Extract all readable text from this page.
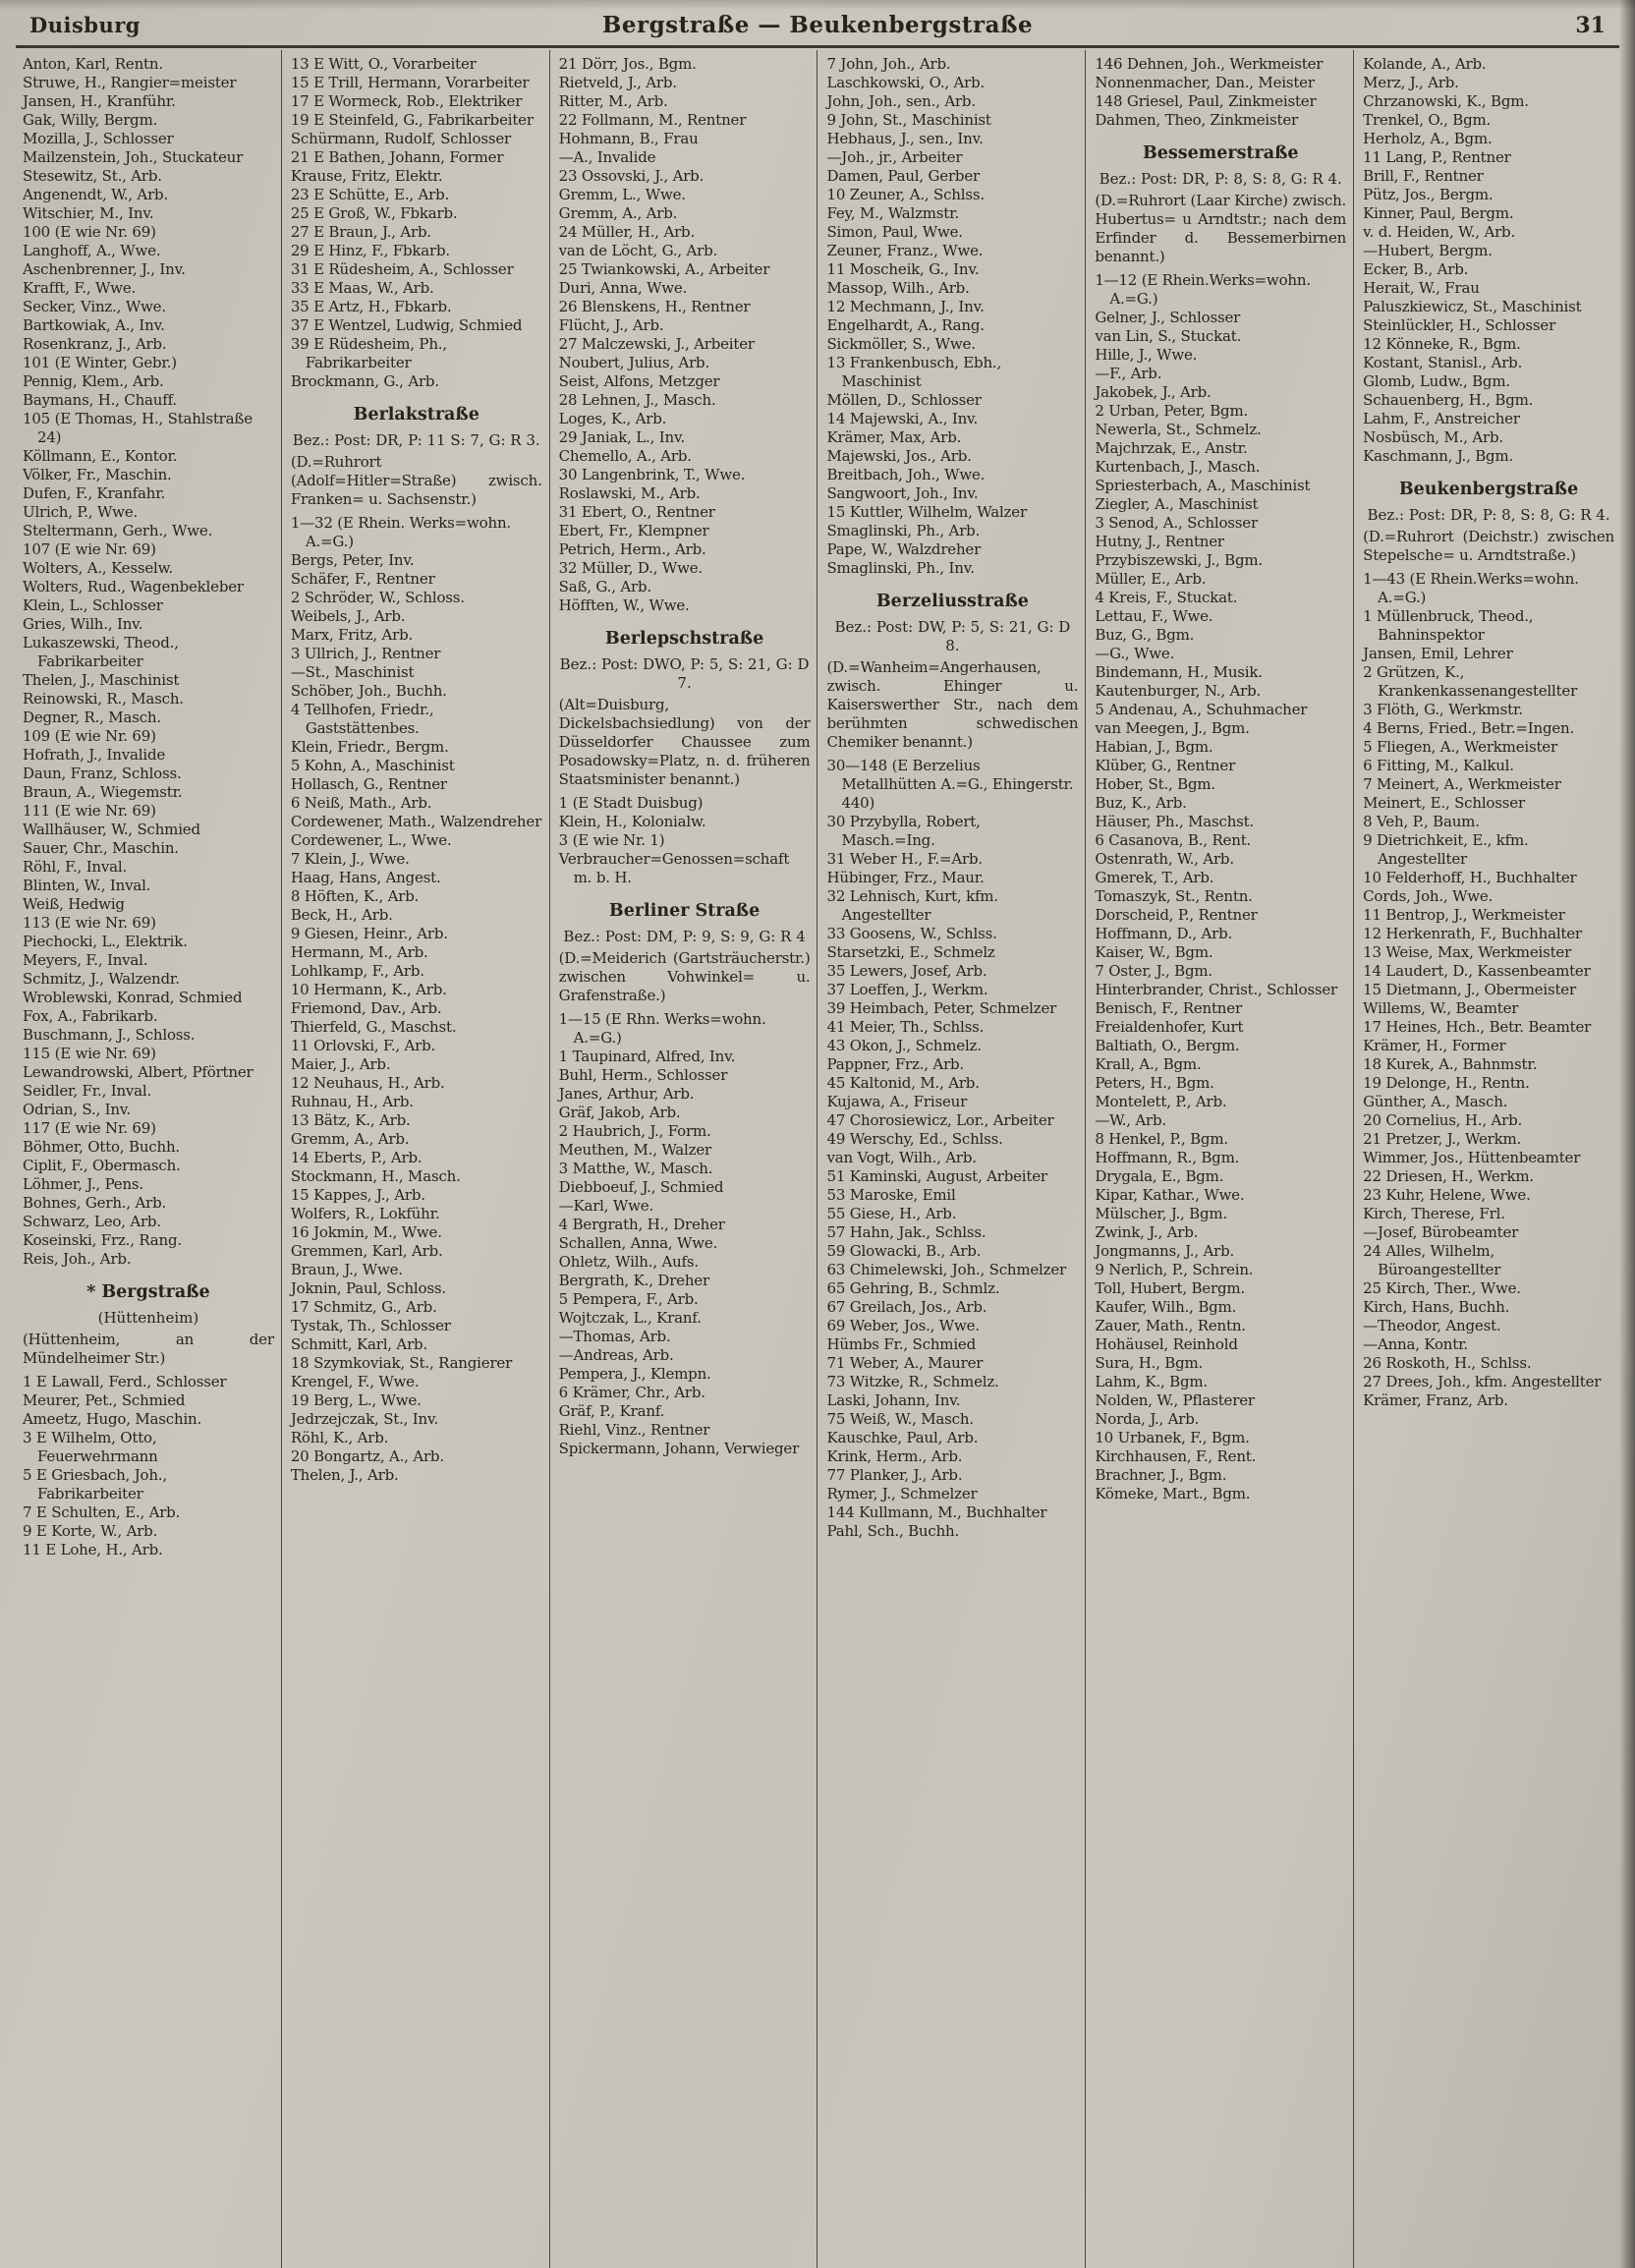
Duisburg	Bergstraße — Beukenbergstraße	31
Anton, Karl, Rentn.
Struwe, H., Rangier=meister
Jansen, H., Kranführ.
Gak, Willy, Bergm.
Mozilla, J., Schlosser
Mailzenstein, Joh., Stuckateur
Stesewitz, St., Arb.
Angenendt, W., Arb.
Witschier, M., Inv.
100 (E wie Nr. 69)
Langhoff, A., Wwe.
Aschenbrenner, J., Inv.
Krafft, F., Wwe.
Secker, Vinz., Wwe.
Bartkowiak, A., Inv.
Rosenkranz, J., Arb.
101 (E Winter, Gebr.)
Pennig, Klem., Arb.
Baymans, H., Chauff.
105 (E Thomas, H., Stahlstraße 24)
Köllmann, E., Kontor.
Völker, Fr., Maschin.
Dufen, F., Kranfahr.
Ulrich, P., Wwe.
Steltermann, Gerh., Wwe.
107 (E wie Nr. 69)
Wolters, A., Kesselw.
Wolters, Rud., Wagenbekleber
Klein, L., Schlosser
Gries, Wilh., Inv.
Lukaszewski, Theod., Fabrikarbeiter
Thelen, J., Maschinist
Reinowski, R., Masch.
Degner, R., Masch.
109 (E wie Nr. 69)
Hofrath, J., Invalide
Daun, Franz, Schloss.
Braun, A., Wiegemstr.
111 (E wie Nr. 69)
Wallhäuser, W., Schmied
Sauer, Chr., Maschin.
Röhl, F., Inval.
Blinten, W., Inval.
Weiß, Hedwig
113 (E wie Nr. 69)
Piechocki, L., Elektrik.
Meyers, F., Inval.
Schmitz, J., Walzendr.
Wroblewski, Konrad, Schmied
Fox, A., Fabrikarb.
Buschmann, J., Schloss.
115 (E wie Nr. 69)
Lewandrowski, Albert, Pförtner
Seidler, Fr., Inval.
Odrian, S., Inv.
117 (E wie Nr. 69)
Böhmer, Otto, Buchh.
Ciplit, F., Obermasch.
Löhmer, J., Pens.
Bohnes, Gerh., Arb.
Schwarz, Leo, Arb.
Koseinski, Frz., Rang.
Reis, Joh., Arb.
* Bergstraße
(Hüttenheim)
(Hüttenheim, an der Mündelheimer Str.)
1 E Lawall, Ferd., Schlosser
Meurer, Pet., Schmied
Ameetz, Hugo, Maschin.
3 E Wilhelm, Otto, Feuerwehrmann
5 E Griesbach, Joh., Fabrikarbeiter
7 E Schulten, E., Arb.
9 E Korte, W., Arb.
11 E Lohe, H., Arb.
13 E Witt, O., Vorarbeiter
15 E Trill, Hermann, Vorarbeiter
17 E Wormeck, Rob., Elektriker
19 E Steinfeld, G., Fabrikarbeiter
Schürmann, Rudolf, Schlosser
21 E Bathen, Johann, Former
Krause, Fritz, Elektr.
23 E Schütte, E., Arb.
25 E Groß, W., Fbkarb.
27 E Braun, J., Arb.
29 E Hinz, F., Fbkarb.
31 E Rüdesheim, A., Schlosser
33 E Maas, W., Arb.
35 E Artz, H., Fbkarb.
37 E Wentzel, Ludwig, Schmied
39 E Rüdesheim, Ph., Fabrikarbeiter
Brockmann, G., Arb.
Berlakstraße
Bez.: Post: DR, P: 11 S: 7, G: R 3.
(D.=Ruhrort (Adolf=Hitler=Straße) zwisch. Franken= u. Sachsenstr.)
1—32 (E Rhein. Werks=wohn. A.=G.)
Bergs, Peter, Inv.
Schäfer, F., Rentner
2 Schröder, W., Schloss.
Weibels, J., Arb.
Marx, Fritz, Arb.
3 Ullrich, J., Rentner
—St., Maschinist
Schöber, Joh., Buchh.
4 Tellhofen, Friedr., Gaststättenbes.
Klein, Friedr., Bergm.
5 Kohn, A., Maschinist
Hollasch, G., Rentner
6 Neiß, Math., Arb.
Cordewener, Math., Walzendreher
Cordewener, L., Wwe.
7 Klein, J., Wwe.
Haag, Hans, Angest.
8 Höften, K., Arb.
Beck, H., Arb.
9 Giesen, Heinr., Arb.
Hermann, M., Arb.
Lohlkamp, F., Arb.
10 Hermann, K., Arb.
Friemond, Dav., Arb.
Thierfeld, G., Maschst.
11 Orlovski, F., Arb.
Maier, J., Arb.
12 Neuhaus, H., Arb.
Ruhnau, H., Arb.
13 Bätz, K., Arb.
Gremm, A., Arb.
14 Eberts, P., Arb.
Stockmann, H., Masch.
15 Kappes, J., Arb.
Wolfers, R., Lokführ.
16 Jokmin, M., Wwe.
Gremmen, Karl, Arb.
Braun, J., Wwe.
Joknin, Paul, Schloss.
17 Schmitz, G., Arb.
Tystak, Th., Schlosser
Schmitt, Karl, Arb.
18 Szymkoviak, St., Rangierer
Krengel, F., Wwe.
19 Berg, L., Wwe.
Jedrzejczak, St., Inv.
Röhl, K., Arb.
20 Bongartz, A., Arb.
Thelen, J., Arb.
21 Dörr, Jos., Bgm.
Rietveld, J., Arb.
Ritter, M., Arb.
22 Follmann, M., Rentner
Hohmann, B., Frau
—A., Invalide
23 Ossovski, J., Arb.
Gremm, L., Wwe.
Gremm, A., Arb.
24 Müller, H., Arb.
van de Löcht, G., Arb.
25 Twiankowski, A., Arbeiter
Duri, Anna, Wwe.
26 Blenskens, H., Rentner
Flücht, J., Arb.
27 Malczewski, J., Arbeiter
Noubert, Julius, Arb.
Seist, Alfons, Metzger
28 Lehnen, J., Masch.
Loges, K., Arb.
29 Janiak, L., Inv.
Chemello, A., Arb.
30 Langenbrink, T., Wwe.
Roslawski, M., Arb.
31 Ebert, O., Rentner
Ebert, Fr., Klempner
Petrich, Herm., Arb.
32 Müller, D., Wwe.
Saß, G., Arb.
Höfften, W., Wwe.
Berlepschstraße
Bez.: Post: DWO, P: 5, S: 21, G: D 7.
(Alt=Duisburg, Dickelsbachsiedlung) von der Düsseldorfer Chaussee zum Posadowsky=Platz, n. d. früheren Staatsminister benannt.)
1 (E Stadt Duisbug)
Klein, H., Kolonialw.
3 (E wie Nr. 1)
Verbraucher=Genossen=schaft m. b. H.
Berliner Straße
Bez.: Post: DM, P: 9, S: 9, G: R 4
(D.=Meiderich (Gartsträucherstr.) zwischen Vohwinkel= u. Grafenstraße.)
1—15 (E Rhn. Werks=wohn. A.=G.)
1 Taupinard, Alfred, Inv.
Buhl, Herm., Schlosser
Janes, Arthur, Arb.
Gräf, Jakob, Arb.
2 Haubrich, J., Form.
Meuthen, M., Walzer
3 Matthe, W., Masch.
Diebboeuf, J., Schmied
—Karl, Wwe.
4 Bergrath, H., Dreher
Schallen, Anna, Wwe.
Ohletz, Wilh., Aufs.
Bergrath, K., Dreher
5 Pempera, F., Arb.
Wojtczak, L., Kranf.
—Thomas, Arb.
—Andreas, Arb.
Pempera, J., Klempn.
6 Krämer, Chr., Arb.
Gräf, P., Kranf.
Riehl, Vinz., Rentner
Spickermann, Johann, Verwieger
7 John, Joh., Arb.
Laschkowski, O., Arb.
John, Joh., sen., Arb.
9 John, St., Maschinist
Hebhaus, J., sen., Inv.
—Joh., jr., Arbeiter
Damen, Paul, Gerber
10 Zeuner, A., Schlss.
Fey, M., Walzmstr.
Simon, Paul, Wwe.
Zeuner, Franz., Wwe.
11 Moscheik, G., Inv.
Massop, Wilh., Arb.
12 Mechmann, J., Inv.
Engelhardt, A., Rang.
Sickmöller, S., Wwe.
13 Frankenbusch, Ebh., Maschinist
Möllen, D., Schlosser
14 Majewski, A., Inv.
Krämer, Max, Arb.
Majewski, Jos., Arb.
Breitbach, Joh., Wwe.
Sangwoort, Joh., Inv.
15 Kuttler, Wilhelm, Walzer
Smaglinski, Ph., Arb.
Pape, W., Walzdreher
Smaglinski, Ph., Inv.
Berzeliusstraße
Bez.: Post: DW, P: 5, S: 21, G: D 8.
(D.=Wanheim=Angerhausen, zwisch. Ehinger u. Kaiserswerther Str., nach dem berühmten schwedischen Chemiker benannt.)
30—148 (E Berzelius Metallhütten A.=G., Ehingerstr. 440)
30 Przybylla, Robert, Masch.=Ing.
31 Weber H., F.=Arb.
Hübinger, Frz., Maur.
32 Lehnisch, Kurt, kfm. Angestellter
33 Goosens, W., Schlss.
Starsetzki, E., Schmelz
35 Lewers, Josef, Arb.
37 Loeffen, J., Werkm.
39 Heimbach, Peter, Schmelzer
41 Meier, Th., Schlss.
43 Okon, J., Schmelz.
Pappner, Frz., Arb.
45 Kaltonid, M., Arb.
Kujawa, A., Friseur
47 Chorosiewicz, Lor., Arbeiter
49 Werschy, Ed., Schlss.
van Vogt, Wilh., Arb.
51 Kaminski, August, Arbeiter
53 Maroske, Emil
55 Giese, H., Arb.
57 Hahn, Jak., Schlss.
59 Glowacki, B., Arb.
63 Chimelewski, Joh., Schmelzer
65 Gehring, B., Schmlz.
67 Greilach, Jos., Arb.
69 Weber, Jos., Wwe.
Hümbs Fr., Schmied
71 Weber, A., Maurer
73 Witzke, R., Schmelz.
Laski, Johann, Inv.
75 Weiß, W., Masch.
Kauschke, Paul, Arb.
Krink, Herm., Arb.
77 Planker, J., Arb.
Rymer, J., Schmelzer
144 Kullmann, M., Buchhalter
Pahl, Sch., Buchh.
146 Dehnen, Joh., Werkmeister
Nonnenmacher, Dan., Meister
148 Griesel, Paul, Zinkmeister
Dahmen, Theo, Zinkmeister
Bessemerstraße
Bez.: Post: DR, P: 8, S: 8, G: R 4.
(D.=Ruhrort (Laar Kirche) zwisch. Hubertus= u Arndtstr.; nach dem Erfinder d. Bessemerbirnen benannt.)
1—12 (E Rhein.Werks=wohn. A.=G.)
Gelner, J., Schlosser
van Lin, S., Stuckat.
Hille, J., Wwe.
—F., Arb.
Jakobek, J., Arb.
2 Urban, Peter, Bgm.
Newerla, St., Schmelz.
Majchrzak, E., Anstr.
Kurtenbach, J., Masch.
Spriesterbach, A., Maschinist
Ziegler, A., Maschinist
3 Senod, A., Schlosser
Hutny, J., Rentner
Przybiszewski, J., Bgm.
Müller, E., Arb.
4 Kreis, F., Stuckat.
Lettau, F., Wwe.
Buz, G., Bgm.
—G., Wwe.
Bindemann, H., Musik.
Kautenburger, N., Arb.
5 Andenau, A., Schuhmacher
van Meegen, J., Bgm.
Habian, J., Bgm.
Klüber, G., Rentner
Hober, St., Bgm.
Buz, K., Arb.
Häuser, Ph., Maschst.
6 Casanova, B., Rent.
Ostenrath, W., Arb.
Gmerek, T., Arb.
Tomaszyk, St., Rentn.
Dorscheid, P., Rentner
Hoffmann, D., Arb.
Kaiser, W., Bgm.
7 Oster, J., Bgm.
Hinterbrander, Christ., Schlosser
Benisch, F., Rentner
Freialdenhofer, Kurt
Baltiath, O., Bergm.
Krall, A., Bgm.
Peters, H., Bgm.
Montelett, P., Arb.
—W., Arb.
8 Henkel, P., Bgm.
Hoffmann, R., Bgm.
Drygala, E., Bgm.
Kipar, Kathar., Wwe.
Mülscher, J., Bgm.
Zwink, J., Arb.
Jongmanns, J., Arb.
9 Nerlich, P., Schrein.
Toll, Hubert, Bergm.
Kaufer, Wilh., Bgm.
Zauer, Math., Rentn.
Hohäusel, Reinhold
Sura, H., Bgm.
Lahm, K., Bgm.
Nolden, W., Pflasterer
Norda, J., Arb.
10 Urbanek, F., Bgm.
Kirchhausen, F., Rent.
Brachner, J., Bgm.
Kömeke, Mart., Bgm.
Kolande, A., Arb.
Merz, J., Arb.
Chrzanowski, K., Bgm.
Trenkel, O., Bgm.
Herholz, A., Bgm.
11 Lang, P., Rentner
Brill, F., Rentner
Pütz, Jos., Bergm.
Kinner, Paul, Bergm.
v. d. Heiden, W., Arb.
—Hubert, Bergm.
Ecker, B., Arb.
Herait, W., Frau
Paluszkiewicz, St., Maschinist
Steinlückler, H., Schlosser
12 Könneke, R., Bgm.
Kostant, Stanisl., Arb.
Glomb, Ludw., Bgm.
Schauenberg, H., Bgm.
Lahm, F., Anstreicher
Nosbüsch, M., Arb.
Kaschmann, J., Bgm.
Beukenbergstraße
Bez.: Post: DR, P: 8, S: 8, G: R 4.
(D.=Ruhrort (Deichstr.) zwischen Stepelsche= u. Arndtstraße.)
1—43 (E Rhein.Werks=wohn. A.=G.)
1 Müllenbruck, Theod., Bahninspektor
Jansen, Emil, Lehrer
2 Grützen, K., Krankenkassenangestellter
3 Flöth, G., Werkmstr.
4 Berns, Fried., Betr.=Ingen.
5 Fliegen, A., Werkmeister
6 Fitting, M., Kalkul.
7 Meinert, A., Werkmeister
Meinert, E., Schlosser
8 Veh, P., Baum.
9 Dietrichkeit, E., kfm. Angestellter
10 Felderhoff, H., Buchhalter
Cords, Joh., Wwe.
11 Bentrop, J., Werkmeister
12 Herkenrath, F., Buchhalter
13 Weise, Max, Werkmeister
14 Laudert, D., Kassenbeamter
15 Dietmann, J., Obermeister
Willems, W., Beamter
17 Heines, Hch., Betr. Beamter
Krämer, H., Former
18 Kurek, A., Bahnmstr.
19 Delonge, H., Rentn.
Günther, A., Masch.
20 Cornelius, H., Arb.
21 Pretzer, J., Werkm.
Wimmer, Jos., Hüttenbeamter
22 Driesen, H., Werkm.
23 Kuhr, Helene, Wwe.
Kirch, Therese, Frl.
—Josef, Bürobeamter
24 Alles, Wilhelm, Büroangestellter
25 Kirch, Ther., Wwe.
Kirch, Hans, Buchh.
—Theodor, Angest.
—Anna, Kontr.
26 Roskoth, H., Schlss.
27 Drees, Joh., kfm. Angestellter
Krämer, Franz, Arb.
